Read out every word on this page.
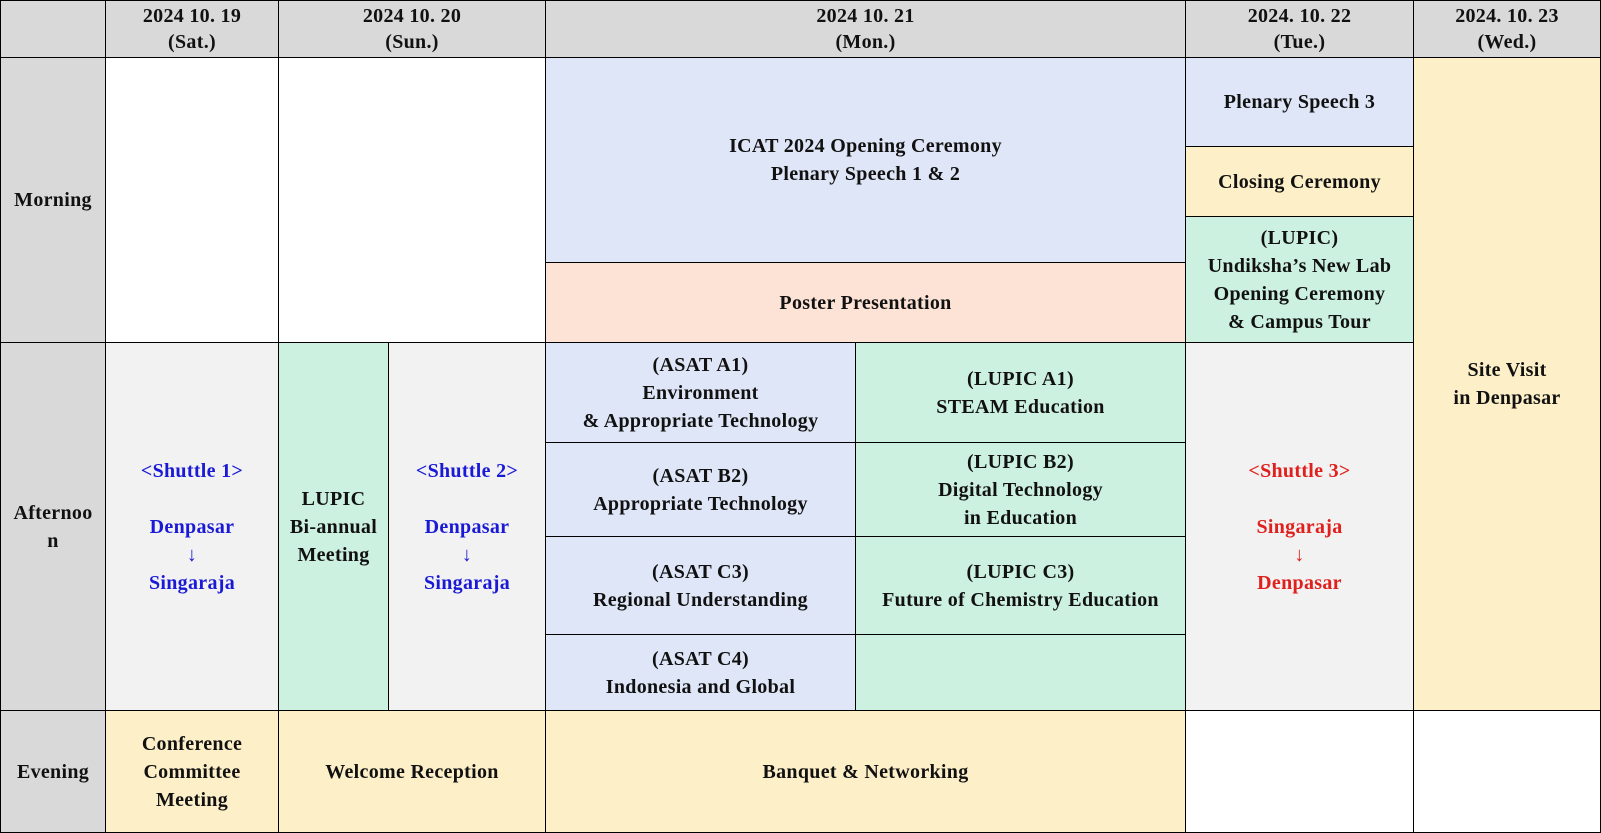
2024 10. 19
(Sat.)
2024 10. 20
(Sun.)
2024 10. 21
(Mon.)
2024. 10. 22
(Tue.)
2024. 10. 23
(Wed.)
Morning
Afternoo
n
Evening
ICAT 2024 Opening Ceremony
Plenary Speech 1 & 2
Poster Presentation
Plenary Speech 3
Closing Ceremony
(LUPIC)
Undiksha’s New Lab
Opening Ceremony
& Campus Tour
Site Visit
in Denpasar
<Shuttle 1>

Denpasar
↓
Singaraja
LUPIC
Bi-annual
Meeting
<Shuttle 2>

Denpasar
↓
Singaraja
(ASAT A1)
Environment
& Appropriate Technology
(ASAT B2)
Appropriate Technology
(ASAT C3)
Regional Understanding
(ASAT C4)
Indonesia and Global
(LUPIC A1)
STEAM Education
(LUPIC B2)
Digital Technology
in Education
(LUPIC C3)
Future of Chemistry Education
<Shuttle 3>

Singaraja
↓
Denpasar
Conference
Committee
Meeting
Welcome Reception	Banquet & Networking
